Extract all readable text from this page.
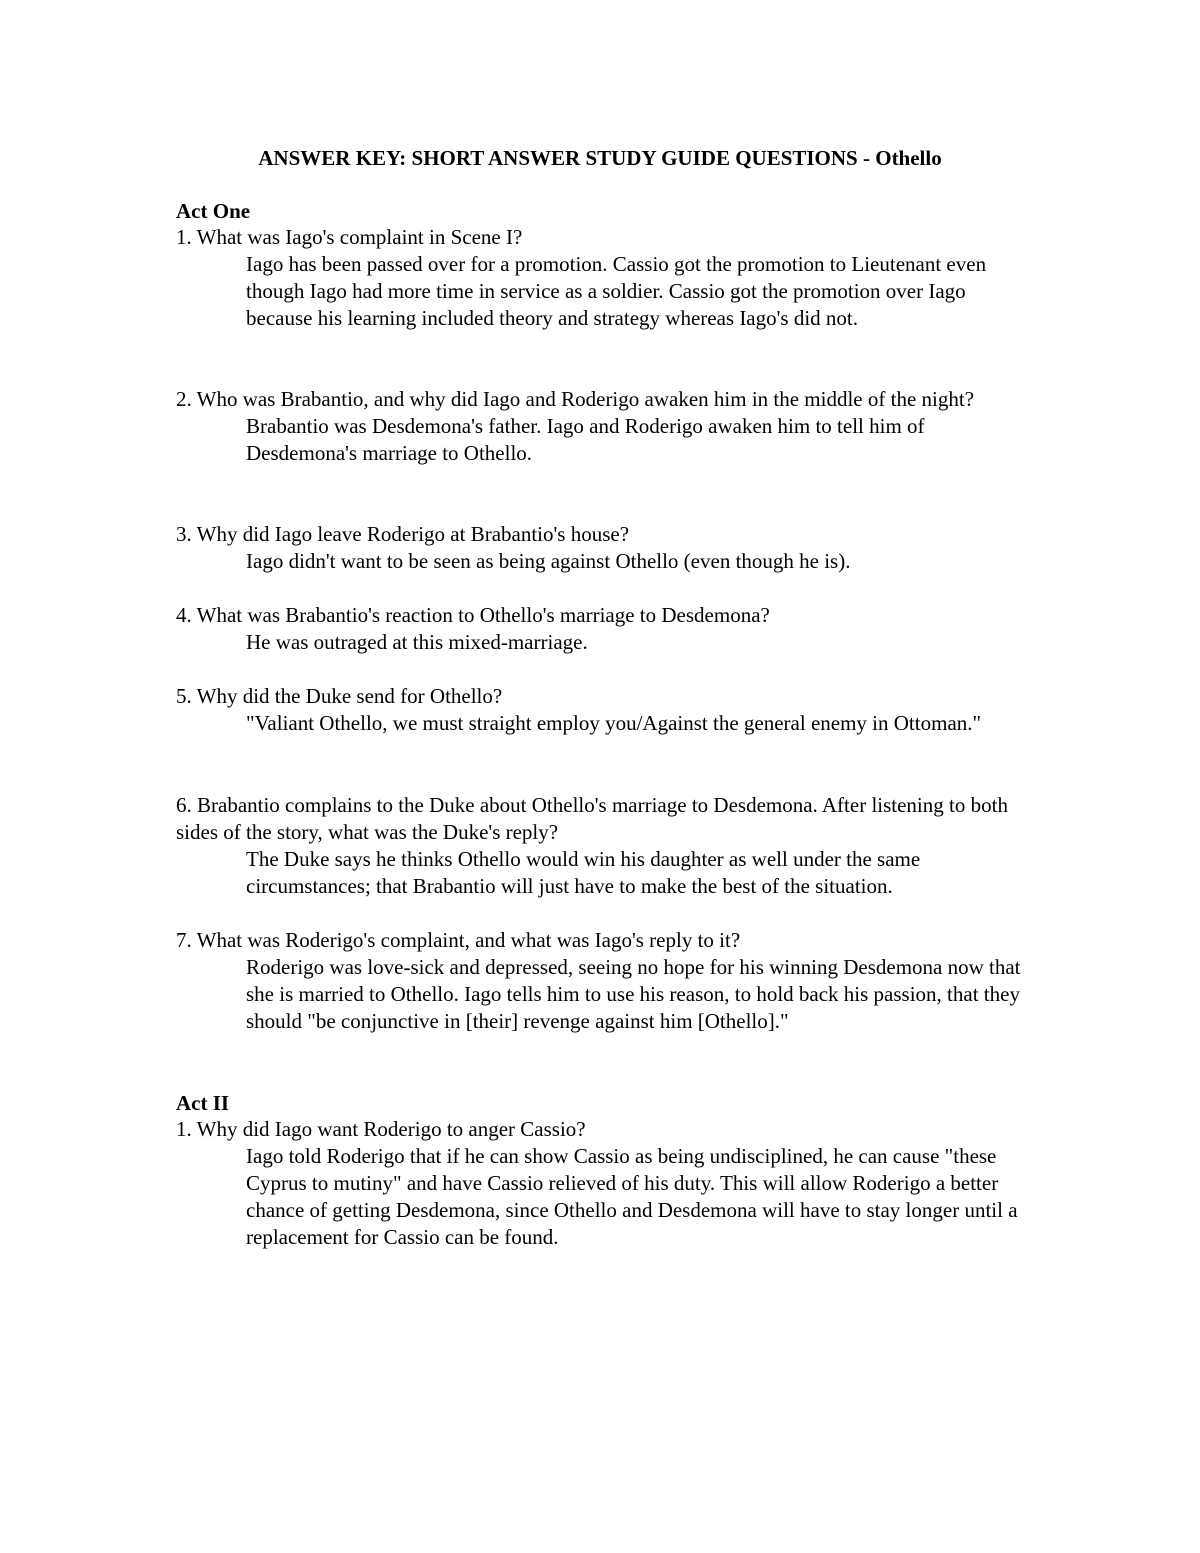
ANSWER KEY: SHORT ANSWER STUDY GUIDE QUESTIONS - Othello
Act One

1. What was Iago's complaint in Scene I?

Iago has been passed over for a promotion. Cassio got the promotion to Lieutenant even though Iago had more time in service as a soldier. Cassio got the promotion over Iago because his learning included theory and strategy whereas Iago's did not.

2. Who was Brabantio, and why did Iago and Roderigo awaken him in the middle of the night?

Brabantio was Desdemona's father. Iago and Roderigo awaken him to tell him of Desdemona's marriage to Othello.

3. Why did Iago leave Roderigo at Brabantio's house?

Iago didn't want to be seen as being against Othello (even though he is).

4. What was Brabantio's reaction to Othello's marriage to Desdemona?

He was outraged at this mixed-marriage.

5. Why did the Duke send for Othello?

"Valiant Othello, we must straight employ you/Against the general enemy in Ottoman."

6. Brabantio complains to the Duke about Othello's marriage to Desdemona. After listening to both sides of the story, what was the Duke's reply?

The Duke says he thinks Othello would win his daughter as well under the same circumstances; that Brabantio will just have to make the best of the situation.

7. What was Roderigo's complaint, and what was Iago's reply to it?

Roderigo was love-sick and depressed, seeing no hope for his winning Desdemona now that she is married to Othello. Iago tells him to use his reason, to hold back his passion, that they should "be conjunctive in [their] revenge against him [Othello]."

Act II

1. Why did Iago want Roderigo to anger Cassio?

Iago told Roderigo that if he can show Cassio as being undisciplined, he can cause "these Cyprus to mutiny" and have Cassio relieved of his duty. This will allow Roderigo a better chance of getting Desdemona, since Othello and Desdemona will have to stay longer until a replacement for Cassio can be found.
